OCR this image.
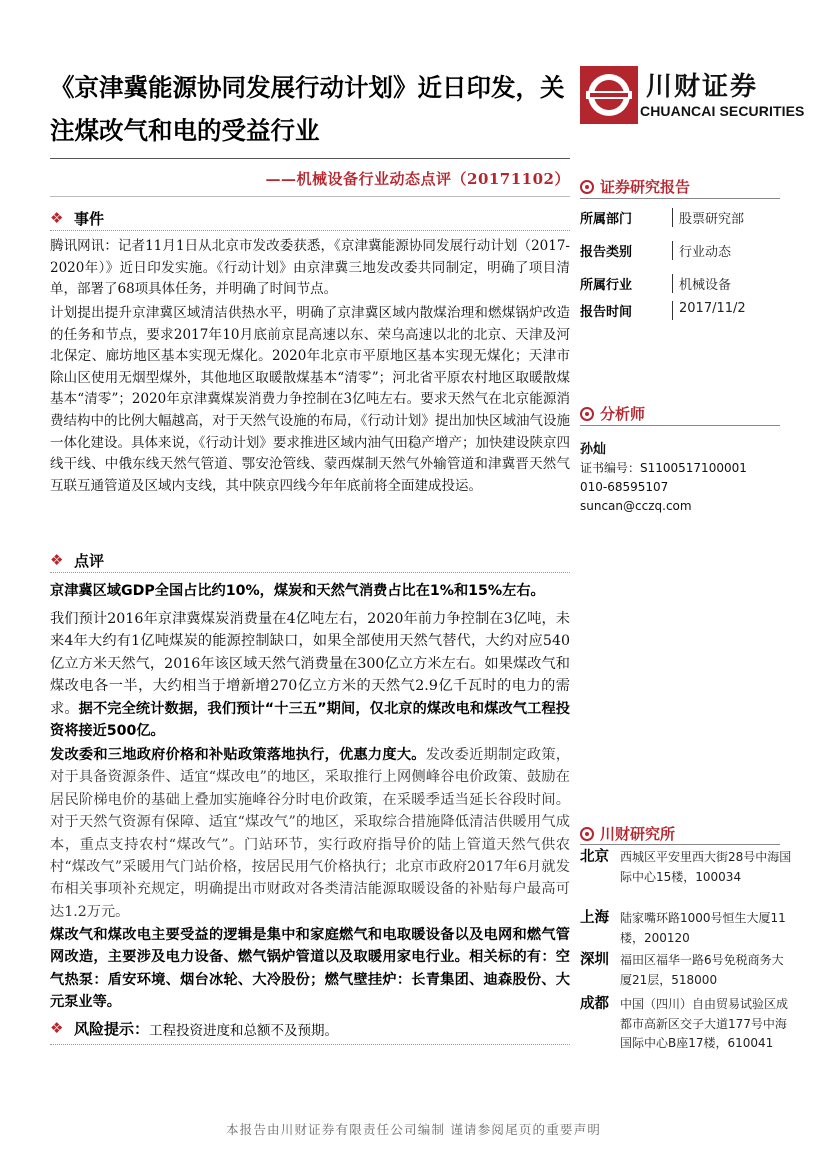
《京津冀能源协同发展行动计划》近日印发，关注煤改气和电的受益行业
——机械设备行业动态点评（20171102）
川财证券
CHUANCAI SECURITIES
❖
事件
腾讯网讯：记者11月1日从北京市发改委获悉，《京津冀能源协同发展行动计划（2017-2020年）》近日印发实施。《行动计划》由京津冀三地发改委共同制定，明确了项目清单，部署了68项具体任务，并明确了时间节点。
计划提出提升京津冀区域清洁供热水平，明确了京津冀区域内散煤治理和燃煤锅炉改造的任务和节点，要求2017年10月底前京昆高速以东、荣乌高速以北的北京、天津及河北保定、廊坊地区基本实现无煤化。2020年北京市平原地区基本实现无煤化；天津市除山区使用无烟型煤外，其他地区取暖散煤基本“清零”；河北省平原农村地区取暖散煤基本“清零”；2020年京津冀煤炭消费力争控制在3亿吨左右。要求天然气在北京能源消费结构中的比例大幅越高，对于天然气设施的布局，《行动计划》提出加快区域油气设施一体化建设。具体来说，《行动计划》要求推进区域内油气田稳产增产；加快建设陕京四线干线、中俄东线天然气管道、鄂安沧管线、蒙西煤制天然气外输管道和津冀晋天然气互联互通管道及区域内支线，其中陕京四线今年年底前将全面建成投运。
❖
点评
京津冀区域GDP全国占比约10%，煤炭和天然气消费占比在1%和15%左右。
我们预计2016年京津冀煤炭消费量在4亿吨左右，2020年前力争控制在3亿吨，未来4年大约有1亿吨煤炭的能源控制缺口，如果全部使用天然气替代，大约对应540亿立方米天然气，2016年该区域天然气消费量在300亿立方米左右。如果煤改气和煤改电各一半，大约相当于增新增270亿立方米的天然气2.9亿千瓦时的电力的需求。据不完全统计数据，我们预计“十三五”期间，仅北京的煤改电和煤改气工程投资将接近500亿。
发改委和三地政府价格和补贴政策落地执行，优惠力度大。发改委近期制定政策，对于具备资源条件、适宜“煤改电”的地区，采取推行上网侧峰谷电价政策、鼓励在居民阶梯电价的基础上叠加实施峰谷分时电价政策，在采暖季适当延长谷段时间。对于天然气资源有保障、适宜“煤改气”的地区，采取综合措施降低清洁供暖用气成本，重点支持农村“煤改气”。门站环节，实行政府指导价的陆上管道天然气供农村“煤改气”采暖用气门站价格，按居民用气价格执行；北京市政府2017年6月就发布相关事项补充规定，明确提出市财政对各类清洁能源取暖设备的补贴每户最高可达1.2万元。
煤改气和煤改电主要受益的逻辑是集中和家庭燃气和电取暖设备以及电网和燃气管网改造，主要涉及电力设备、燃气锅炉管道以及取暖用家电行业。相关标的有：空气热泵：盾安环境、烟台冰轮、大冷股份；燃气壁挂炉：长青集团、迪森股份、大元泵业等。
❖
风险提示： 工程投资进度和总额不及预期。
证券研究报告
所属部门	股票研究部
报告类别	行业动态
所属行业	机械设备
报告时间	2017/11/2
分析师
孙灿
证书编号：S1100517100001
010-68595107
suncan@cczq.com
川财研究所
北京 西城区平安里西大街28号中海国际中心15楼，100034
上海 陆家嘴环路1000号恒生大厦11楼，200120
深圳 福田区福华一路6号免税商务大厦21层，518000
成都 中国（四川）自由贸易试验区成都市高新区交子大道177号中海国际中心B座17楼，610041
本报告由川财证券有限责任公司编制 谨请参阅尾页的重要声明
